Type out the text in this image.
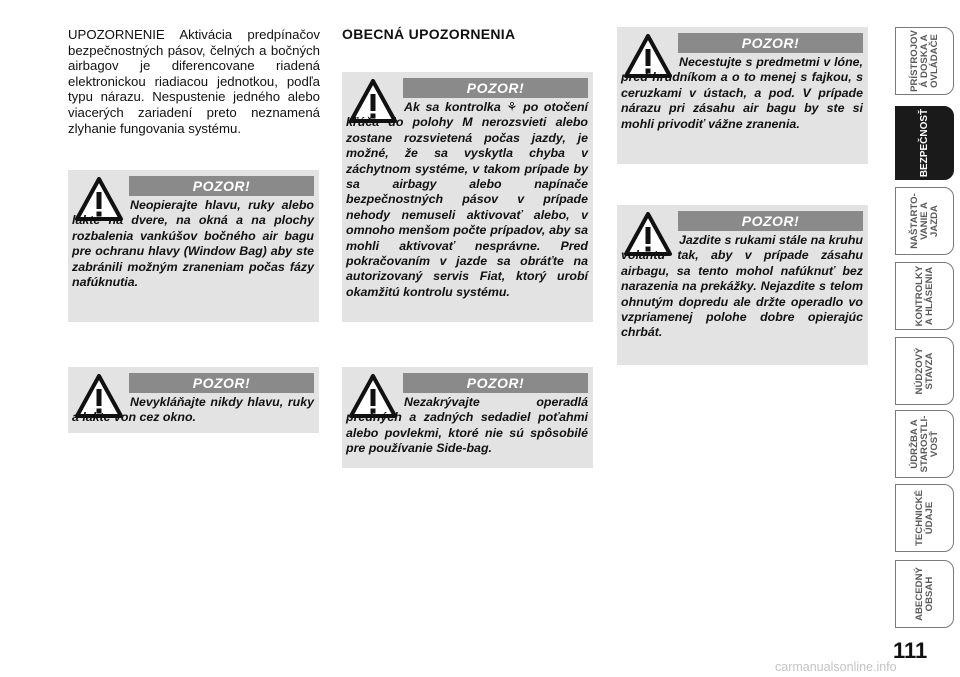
UPOZORNENIE Aktivácia predpínačov bezpečnostných pásov, čelných a bočných airbagov je diferencovane riadená elektronickou riadiacou jednotkou, podľa typu nárazu. Nespustenie jedného alebo viacerých zariadení preto neznamená zlyhanie fungovania systému.
OBECNÁ UPOZORNENIA
POZOR!
Neopierajte hlavu, ruky alebo lakte na dvere, na okná a na plochy rozbalenia vankúšov bočného air bagu pre ochranu hlavy (Window Bag) aby ste zabránili možným zraneniam počas fázy nafúknutia.
POZOR!
Nevykláňajte nikdy hlavu, ruky a lakte von cez okno.
POZOR!
Ak sa kontrolka ⚘ po otočení kľúča do polohy M nerozsvieti alebo zostane rozsvietená počas jazdy, je možné, že sa vyskytla chyba v záchytnom systéme, v takom prípade by sa airbagy alebo napínače bezpečnostných pásov v prípade nehody nemuseli aktivovať alebo, v omnoho menšom počte prípadov, aby sa mohli aktivovať nesprávne. Pred pokračovaním v jazde sa obráťte na autorizovaný servis Fiat, ktorý urobí okamžitú kontrolu systému.
POZOR!
Nezakrývajte operadlá predných a zadných sedadiel poťahmi alebo povlekmi, ktoré nie sú spôsobilé pre používanie Side-bag.
POZOR!
Necestujte s predmetmi v lóne, pred hrudníkom a o to menej s fajkou, s ceruzkami v ústach, a pod. V prípade nárazu pri zásahu air bagu by ste si mohli privodiť vážne zranenia.
POZOR!
Jazdite s rukami stále na kruhu volantu tak, aby v prípade zásahu airbagu, sa tento mohol nafúknuť bez narazenia na prekážky. Nejazdite s telom ohnutým dopredu ale držte operadlo vo vzpriamenej polohe dobre opierajúc chrbát.
PRÍSTROJOV
Á DOSKA A
OVLÁDAČE
BEZPEČNOSŤ
NAŠTARTO-
VANIE A
JAZDA
KONTROLKY
A HLÁSENIA
NÚDZOVÝ
STAVZA
ÚDRŽBA A
STAROSTLI-
VOSŤ
TECHNICKÉ
ÚDAJE
ABECEDNÝ
OBSAH
111
carmanualsonline.info
